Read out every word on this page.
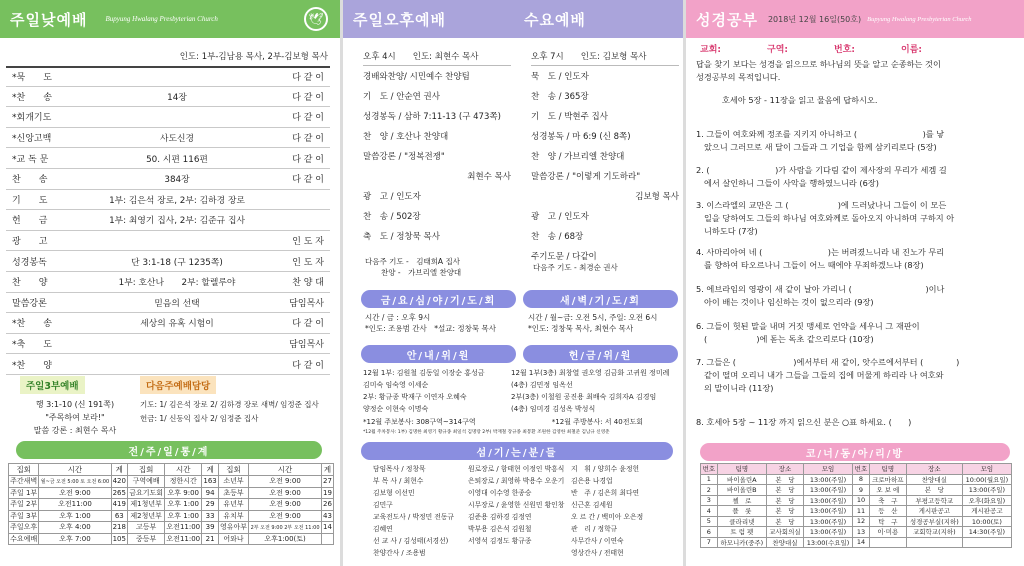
주일낮예배	Bupyung Hwalang Presbyterian Church	🕊
인도: 1부-김남용 목사, 2부-김보형 목사
*묵　　도	다 같 이
*찬　　송	14장	다 같 이
*회개기도	다 같 이
*신앙고백	사도신경	다 같 이
*교 독 문	50. 시편 116편	다 같 이
찬　　송	384장	다 같 이
기　　도	1부: 김은석 장로, 2부: 김하경 장로
헌　　금	1부: 최영기 집사, 2부: 김준규 집사
광　　고	인 도 자
성경봉독	단 3:1-18 (구 1235쪽)	인 도 자
찬　　양	1부: 호산나　　2부: 할렐루야	찬 양 대
말씀강론	믿음의 선택	담임목사
*찬　　송	세상의 유혹 시험이	다 같 이
*축　　도	담임목사
*찬　　양	다 같 이
주일3부예배
행 3:1-10 (신 191쪽)
"주목하여 보라!"
말씀 강론 : 최현수 목사
다음주예배담당
기도: 1/ 김은석 장로 2/ 김하경 장로 새벽/ 임정준 집사
헌금: 1/ 신동익 집사 2/ 임정준 집사
전/주/일/통/계
집회	시간	계	집회	시간	계	집회	시간	계
주간새벽	월~금 오전 5:00 토 오전 6:00	420	구역예배	정한시간	163	소년부	오전 9:00	27
주일 1부	오전 9:00	265	금요기도회	오후 9:00	94	초등부	오전 9:00	19
주일 2부	오전11:00	419	제1청년부	오후 1:00	29	유년부	오전 9:00	26
주일 3부	오후 1:00	63	제2청년부	오후 1:00	33	유치부	오전 9:00	43
주일오후	오후 4:00	218	고등부	오전11:00	39	영유아부	2부 오전 9:00 2부 오전 11:00	14
수요예배	오후 7:00	105	중등부	오전11:00	21	어와나	오후1:00(토)	
주일오후예배	수요예배
오후 4시　　인도: 최현수 목사
경배와찬양/ 시민예수 찬양팀
기　도 / 안순연 권사
성경봉독 / 삼하 7:11-13 (구 473쪽)
찬　양 / 호산나 찬양대
말씀강론 / "정복전쟁"
최현수 목사
광　고 / 인도자
찬　송 / 502장
축　도 / 정창묵 목사
오후 7시　　인도: 김보형 목사
묵　도 / 인도자
찬　송 / 365장
기　도 / 박현주 집사
성경봉독 / 마 6:9 (신 8쪽)
찬　양 / 가브리엘 찬양대
말씀강론 / "이렇게 기도하라"
김보형 목사
광　고 / 인도자
찬　송 / 68장
주기도문 / 다같이
다음주 기도 -　김태희A 집사
찬양 -　가브리엘 찬양대
다음주 기도 - 최경순 권사
금/요/심/야/기/도/회	새/벽/기/도/회
시간 / 금 : 오후 9시
*인도: 조용범 간사　*설교: 정창묵 목사
시간 / 월~금: 오전 5시, 주일: 오전 6시
*인도: 정창묵 목사, 최현수 목사
안/내/위/원	헌/금/위/원
12월 1부: 김원철 김동일 이장순 홍성금
김미숙 임숙영 이세순
2부: 황규종 박재구 이연자 오혜숙
양정순 이현숙 이명숙
12월 1부(3층) 최창열 권오영 김금화 고귀원 정미례
(4층) 김민정 임옥선
2부(3층) 이철원 공진용 최배숙 김희자A 김경임
(4층) 임미경 김성옥 박성식
*12월 주보봉사: 308구역~314구역	*12월 주방봉사: 서 40전도회
*12월 주차봉사: 1부) 김명한 최영기 황규종 최일석 김명랑 2부) 박재철 장규종 최봉환 조원한 김영한 최철준 김남규 신영춘
섬/기/는/분/들
담임목사 / 정창묵
부 목 사 / 최현수
김보형 이선민
김민구
교육전도사 / 박정민 전동규
김혜연
선 교 사 / 김성태(서경선)
찬양간사 / 조용범
원로장로 / 함태현 이정인 박흥식
은퇴장로 / 최영하 박용수 오운기
이영대 이수영 한종승
시무장로 / 윤영한 신원민 황인창
김준용 김하경 김정연
박부용 김은석 김원철
서영석 김정도 황규종
지　휘 / 양희수 윤정헌
김은용 나경업
반　주 / 김은희 최다연
신근혼 김세원
오 르 간 / 백미아 오은정
관　리 / 정학규
사무간사 / 이연숙
영상간사 / 전태현
성경공부 2018년 12월 16일(50호) Bupyung Hwalang Presbyterian Church
교회:	구역:	번호:	이름:
답을 찾기 보다는 성경을 읽으므로 하나님의 뜻을 알고 순종하는 것이
성경공부의 목적입니다.
호세아 5장 - 11장을 읽고 물음에 답하시오.
1. 그들이 여호와께 정조를 지키지 아니하고 (　　　　　　　　)를 낳
았으니 그러므로 새 달이 그들과 그 기업을 함께 삼키리로다 (5장)
2. (　　　　　　　　)가 사람을 기다림 같이 제사장의 무리가 세겜 길
에서 살인하니 그들이 사악을 행하였느니라 (6장)
3. 이스라엘의 교만은 그 (　　　　　　)에 드러났나니 그들이 이 모든
일을 당하여도 그들의 하나님 여호와께로 돌아오지 아니하며 구하지 아
니하도다 (7장)
4. 사마리아여 네 (　　　　　　　　)는 버려졌느니라 내 진노가 무리
를 향하여 타오르나니 그들이 어느 때에야 무죄하겠느냐 (8장)
5. 에브라임의 영광이 새 같이 날아 가리니 (　　　　　　　　　)이나
아이 배는 것이나 임신하는 것이 없으리라 (9장)
6. 그들이 헛된 말을 내며 거짓 맹세로 언약을 세우니 그 재판이
(　　　　　　)에 돋는 독초 같으리로다 (10장)
7. 그들은 (　　　　　　　)에서부터 새 같이, 앗수르에서부터 (　　　　)
같이 떨며 오리니 내가 그들을 그들의 집에 머물게 하리라 나 여호와
의 말이니라 (11장)
8. 호세아 5장 ~ 11장 까지 읽으신 분은 ○표 하세요. (　　)
코/너/동/아/리/방
번호	팀명	장소	모임	번호	팀명	장소	모임
1	바이올린A	본　당	13:00(주일)	8	크로마하프	찬양대실	10:00(월요일)
2	바이올린B	본　당	13:00(주일)	9	오 보 에	본　당	13:00(주일)
3	첼　로	본　당	13:00(주일)	10	축　구	부평고등학교	오후(화요일)
4	플　룻	본　당	13:00(주일)	11	등　산	게시판공고	게시판공고
5	클라리넷	본　당	13:00(주일)	12	탁　구	성경공부실(지하)	10:00(토)
6	트 럼 펫	교사회의실	13:00(주일)	13	이·미용	교회학교(지하)	14:30(주일)
7	하모니카(중주)	찬양대실	13:00(수요일)	14			
